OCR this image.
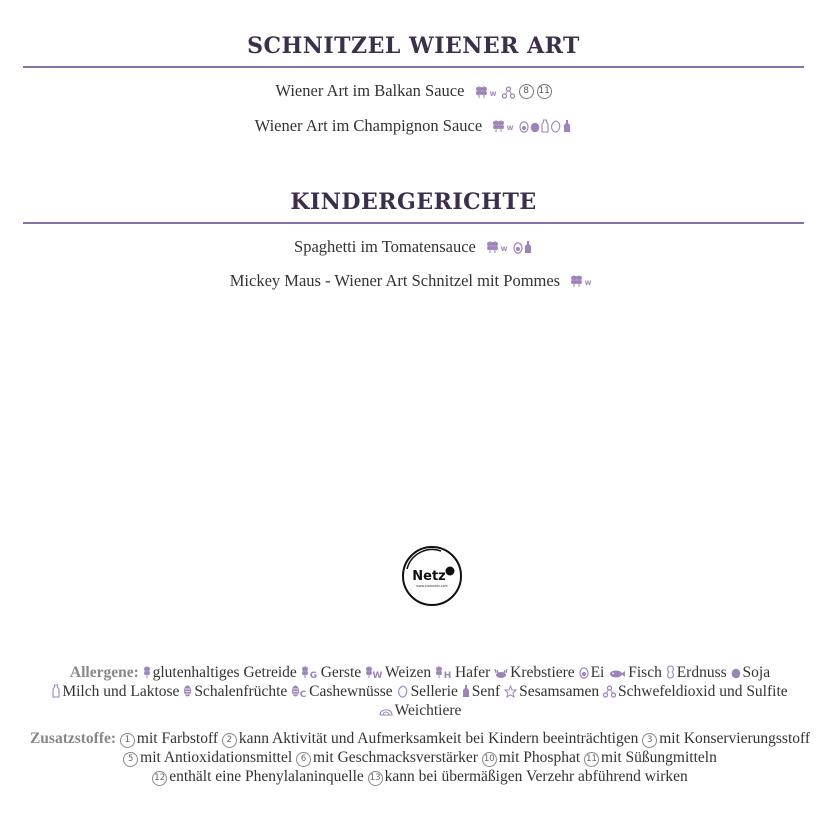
SCHNITZEL WIENER ART
Wiener Art im Balkan Sauce	W	8	11
Wiener Art im Champignon Sauce	W
KINDERGERICHTE
Spaghetti im Tomatensauce	W
Mickey Maus - Wiener Art Schnitzel mit Pommes	W
Netz
www.pizzanetz.com
Allergene: glutenhaltiges Getreide G Gerste W Weizen H Hafer Krebstiere Ei Fisch Erdnuss Soja
Milch und Laktose Schalenfrüchte C Cashewnüsse Sellerie Senf Sesamsamen Schwefeldioxid und Sulfite
Weichtiere
Zusatzstoffe: 1 mit Farbstoff 2 kann Aktivität und Aufmerksamkeit bei Kindern beeinträchtigen 3 mit Konservierungsstoff 5 mit Antioxidationsmittel 6 mit Geschmacksverstärker 10 mit Phosphat 11 mit Süßungmitteln 12 enthält eine Phenylalaninquelle 13 kann bei übermäßigen Verzehr abführend wirken
